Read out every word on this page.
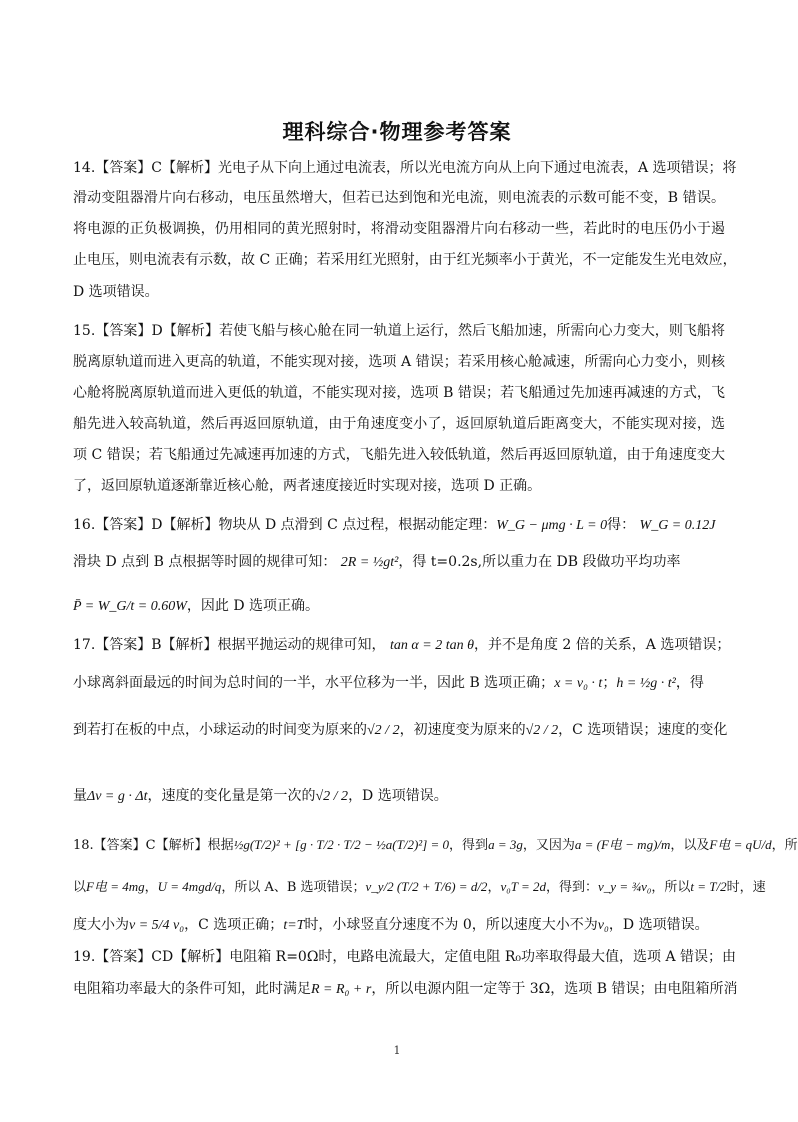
理科综合·物理参考答案
14.【答案】C【解析】光电子从下向上通过电流表，所以光电流方向从上向下通过电流表，A 选项错误；将
滑动变阻器滑片向右移动，电压虽然增大，但若已达到饱和光电流，则电流表的示数可能不变，B 错误。
将电源的正负极调换，仍用相同的黄光照射时，将滑动变阻器滑片向右移动一些，若此时的电压仍小于遏
止电压，则电流表有示数，故 C 正确；若采用红光照射，由于红光频率小于黄光，不一定能发生光电效应，
D 选项错误。
15.【答案】D【解析】若使飞船与核心舱在同一轨道上运行，然后飞船加速，所需向心力变大，则飞船将
脱离原轨道而进入更高的轨道，不能实现对接，选项 A 错误；若采用核心舱减速，所需向心力变小，则核
心舱将脱离原轨道而进入更低的轨道，不能实现对接，选项 B 错误；若飞船通过先加速再减速的方式，飞
船先进入较高轨道，然后再返回原轨道，由于角速度变小了，返回原轨道后距离变大，不能实现对接，选
项 C 错误；若飞船通过先减速再加速的方式，飞船先进入较低轨道，然后再返回原轨道，由于角速度变大
了，返回原轨道逐渐靠近核心舱，两者速度接近时实现对接，选项 D 正确。
16.【答案】D【解析】物块从 D 点滑到 C 点过程，根据动能定理：W_G − μmg · L = 0得： W_G = 0.12J
滑块 D 点到 B 点根据等时圆的规律可知： 2R = ½gt²，得 t=0.2s,所以重力在 DB 段做功平均功率
P̄ = W_G/t = 0.60W，因此 D 选项正确。
17.【答案】B【解析】根据平抛运动的规律可知， tan α = 2 tan θ，并不是角度 2 倍的关系，A 选项错误；
小球离斜面最远的时间为总时间的一半，水平位移为一半，因此 B 选项正确；x = v₀ · t；h = ½g · t²，得
到若打在板的中点，小球运动的时间变为原来的√2 / 2，初速度变为原来的√2 / 2，C 选项错误；速度的变化
量Δv = g · Δt，速度的变化量是第一次的√2 / 2，D 选项错误。
18.【答案】C【解析】根据½g(T/2)² + [g · T/2 · T/2 − ½a(T/2)²] = 0，得到a = 3g，又因为a = (F电 − mg)/m，以及F电 = qU/d，所
以F电 = 4mg，U = 4mgd/q，所以 A、B 选项错误；v_y/2 (T/2 + T/6) = d/2，v₀T = 2d，得到：v_y = ¾v₀，所以t = T/2时，速
度大小为v = 5/4 v₀，C 选项正确；t=T时，小球竖直分速度不为 0，所以速度大小不为v₀，D 选项错误。
19.【答案】CD【解析】电阻箱 R=0Ω时，电路电流最大，定值电阻 R₀功率取得最大值，选项 A 错误；由
电阻箱功率最大的条件可知，此时满足R = R₀ + r，所以电源内阻一定等于 3Ω，选项 B 错误；由电阻箱所消
1
